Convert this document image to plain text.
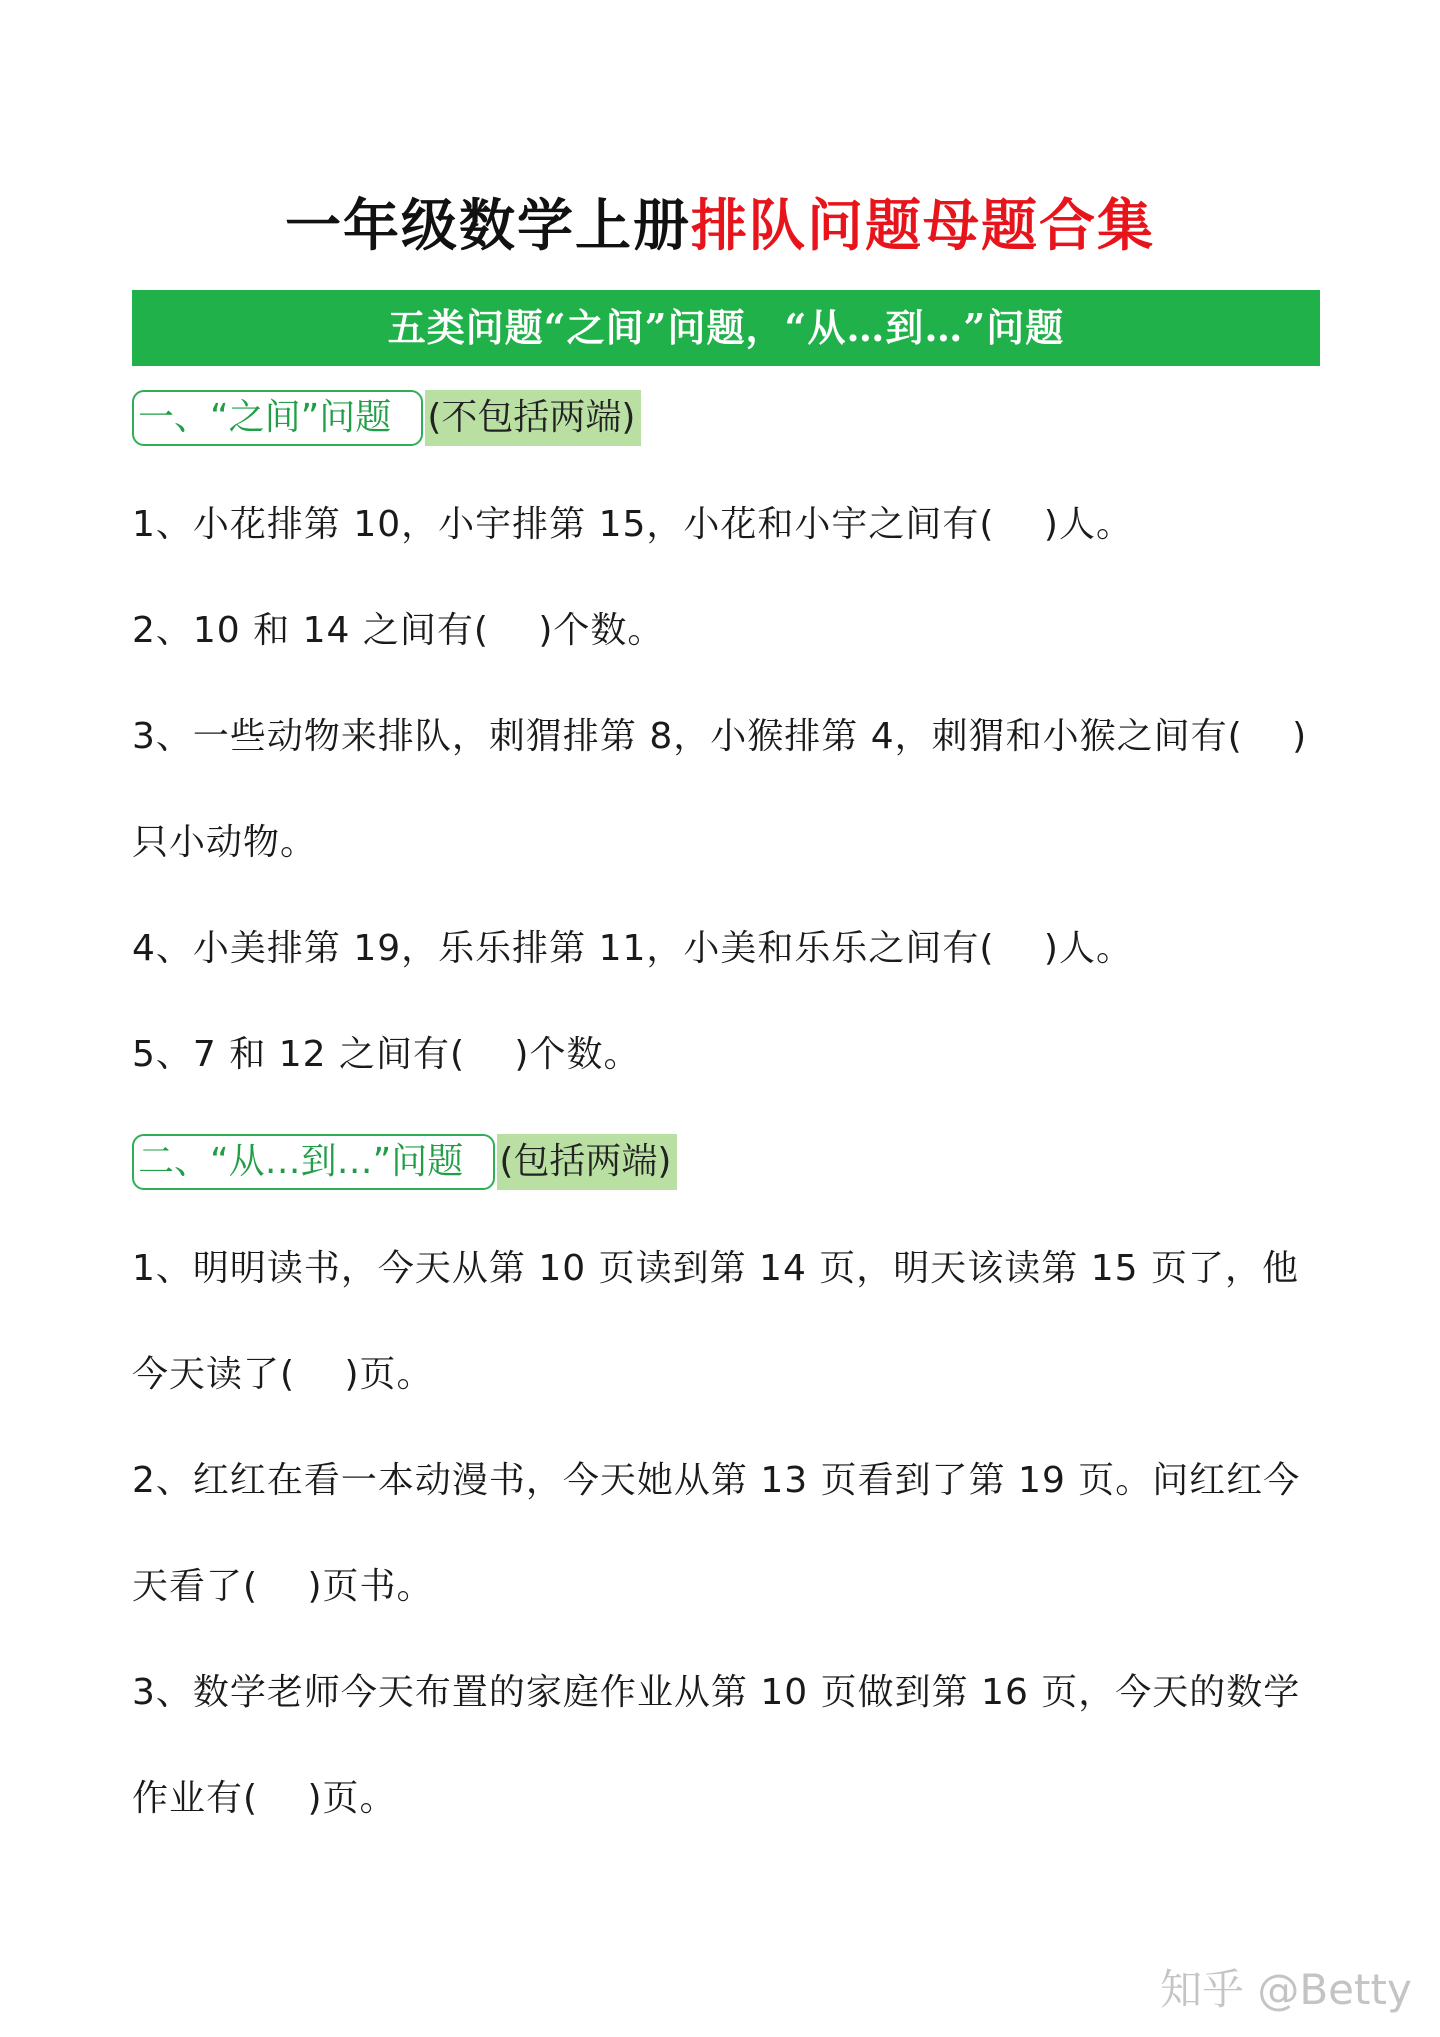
一年级数学上册排队问题母题合集
五类问题“之间”问题，“从…到…”问题
一、“之间”问题	(不包括两端)
1、小花排第 10，小宇排第 15，小花和小宇之间有(　 )人。
2、10 和 14 之间有(　 )个数。
3、一些动物来排队，刺猬排第 8，小猴排第 4，刺猬和小猴之间有(　 )
只小动物。
4、小美排第 19，乐乐排第 11，小美和乐乐之间有(　 )人。
5、7 和 12 之间有(　 )个数。
二、“从…到…”问题	(包括两端)
1、明明读书，今天从第 10 页读到第 14 页，明天该读第 15 页了，他
今天读了(　 )页。
2、红红在看一本动漫书，今天她从第 13 页看到了第 19 页。问红红今
天看了(　 )页书。
3、数学老师今天布置的家庭作业从第 10 页做到第 16 页，今天的数学
作业有(　 )页。
知乎 @Betty
